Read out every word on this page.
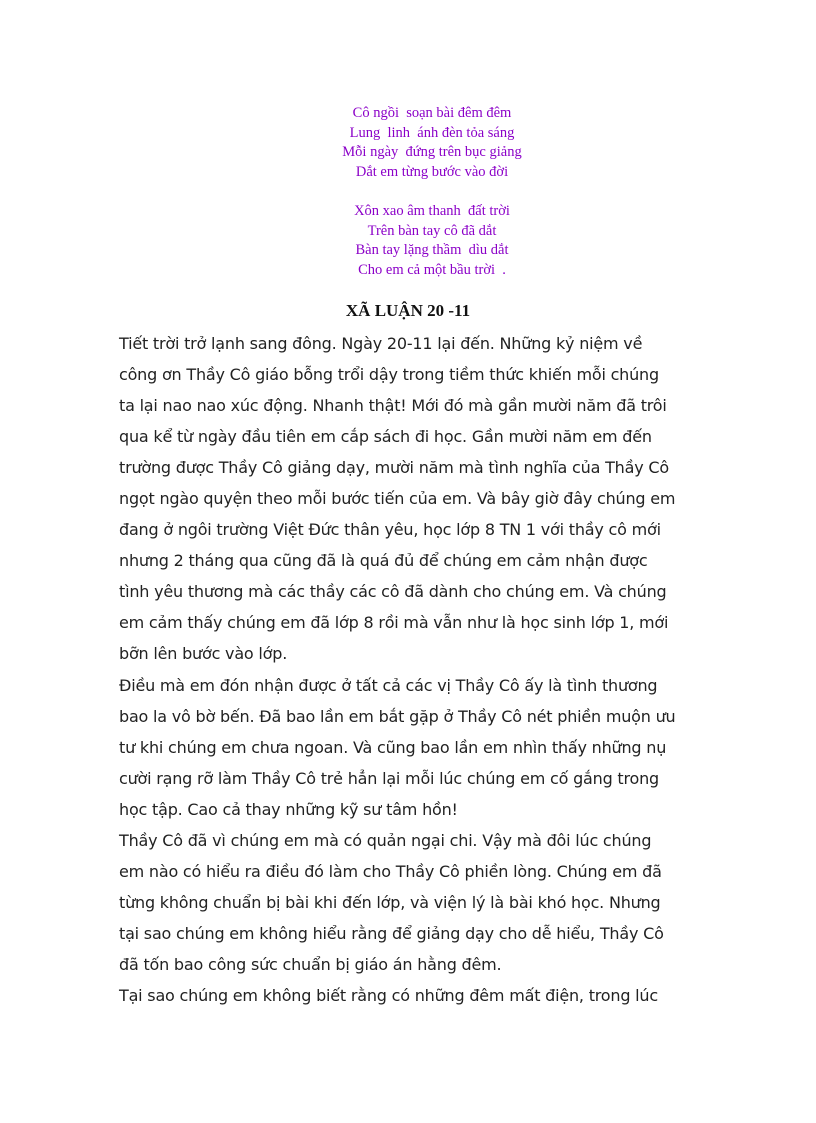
Cô ngồi  soạn bài đêm đêm
Lung  linh  ánh đèn tỏa sáng
Mỗi ngày  đứng trên bục giảng
Dắt em từng bước vào đời
Xôn xao âm thanh  đất trời
Trên bàn tay cô đã dắt
Bàn tay lặng thầm  dìu dắt
Cho em cả một bầu trời  .
XÃ LUẬN 20 -11
Tiết trời trở lạnh sang đông. Ngày 20-11 lại đến. Những kỷ niệm về
công ơn Thầy Cô giáo bỗng trổi dậy trong tiềm thức khiến mỗi chúng
ta lại nao nao xúc động. Nhanh thật! Mới đó mà gần mười năm đã trôi
qua kể từ ngày đầu tiên em cắp sách đi học. Gần mười năm em đến
trường được Thầy Cô giảng dạy, mười năm mà tình nghĩa của Thầy Cô
ngọt ngào quyện theo mỗi bước tiến của em. Và bây giờ đây chúng em
đang ở ngôi trường Việt Đức thân yêu, học lớp 8 TN 1 với thầy cô mới
nhưng 2 tháng qua cũng đã là quá đủ để chúng em cảm nhận được
tình yêu thương mà các thầy các cô đã dành cho chúng em. Và chúng
em cảm thấy chúng em đã lớp 8 rồi mà vẫn như là học sinh lớp 1, mới
bỡn lên bước vào lớp.
Điều mà em đón nhận được ở tất cả các vị Thầy Cô ấy là tình thương
bao la vô bờ bến. Đã bao lần em bắt gặp ở Thầy Cô nét phiền muộn ưu
tư khi chúng em chưa ngoan. Và cũng bao lần em nhìn thấy những nụ
cười rạng rỡ làm Thầy Cô trẻ hẳn lại mỗi lúc chúng em cố gắng trong
học tập. Cao cả thay những kỹ sư tâm hồn!
Thầy Cô đã vì chúng em mà có quản ngại chi. Vậy mà đôi lúc chúng
em nào có hiểu ra điều đó làm cho Thầy Cô phiền lòng. Chúng em đã
từng không chuẩn bị bài khi đến lớp, và viện lý là bài khó học. Nhưng
tại sao chúng em không hiểu rằng để giảng dạy cho dễ hiểu, Thầy Cô
đã tốn bao công sức chuẩn bị giáo án hằng đêm.
Tại sao chúng em không biết rằng có những đêm mất điện, trong lúc
